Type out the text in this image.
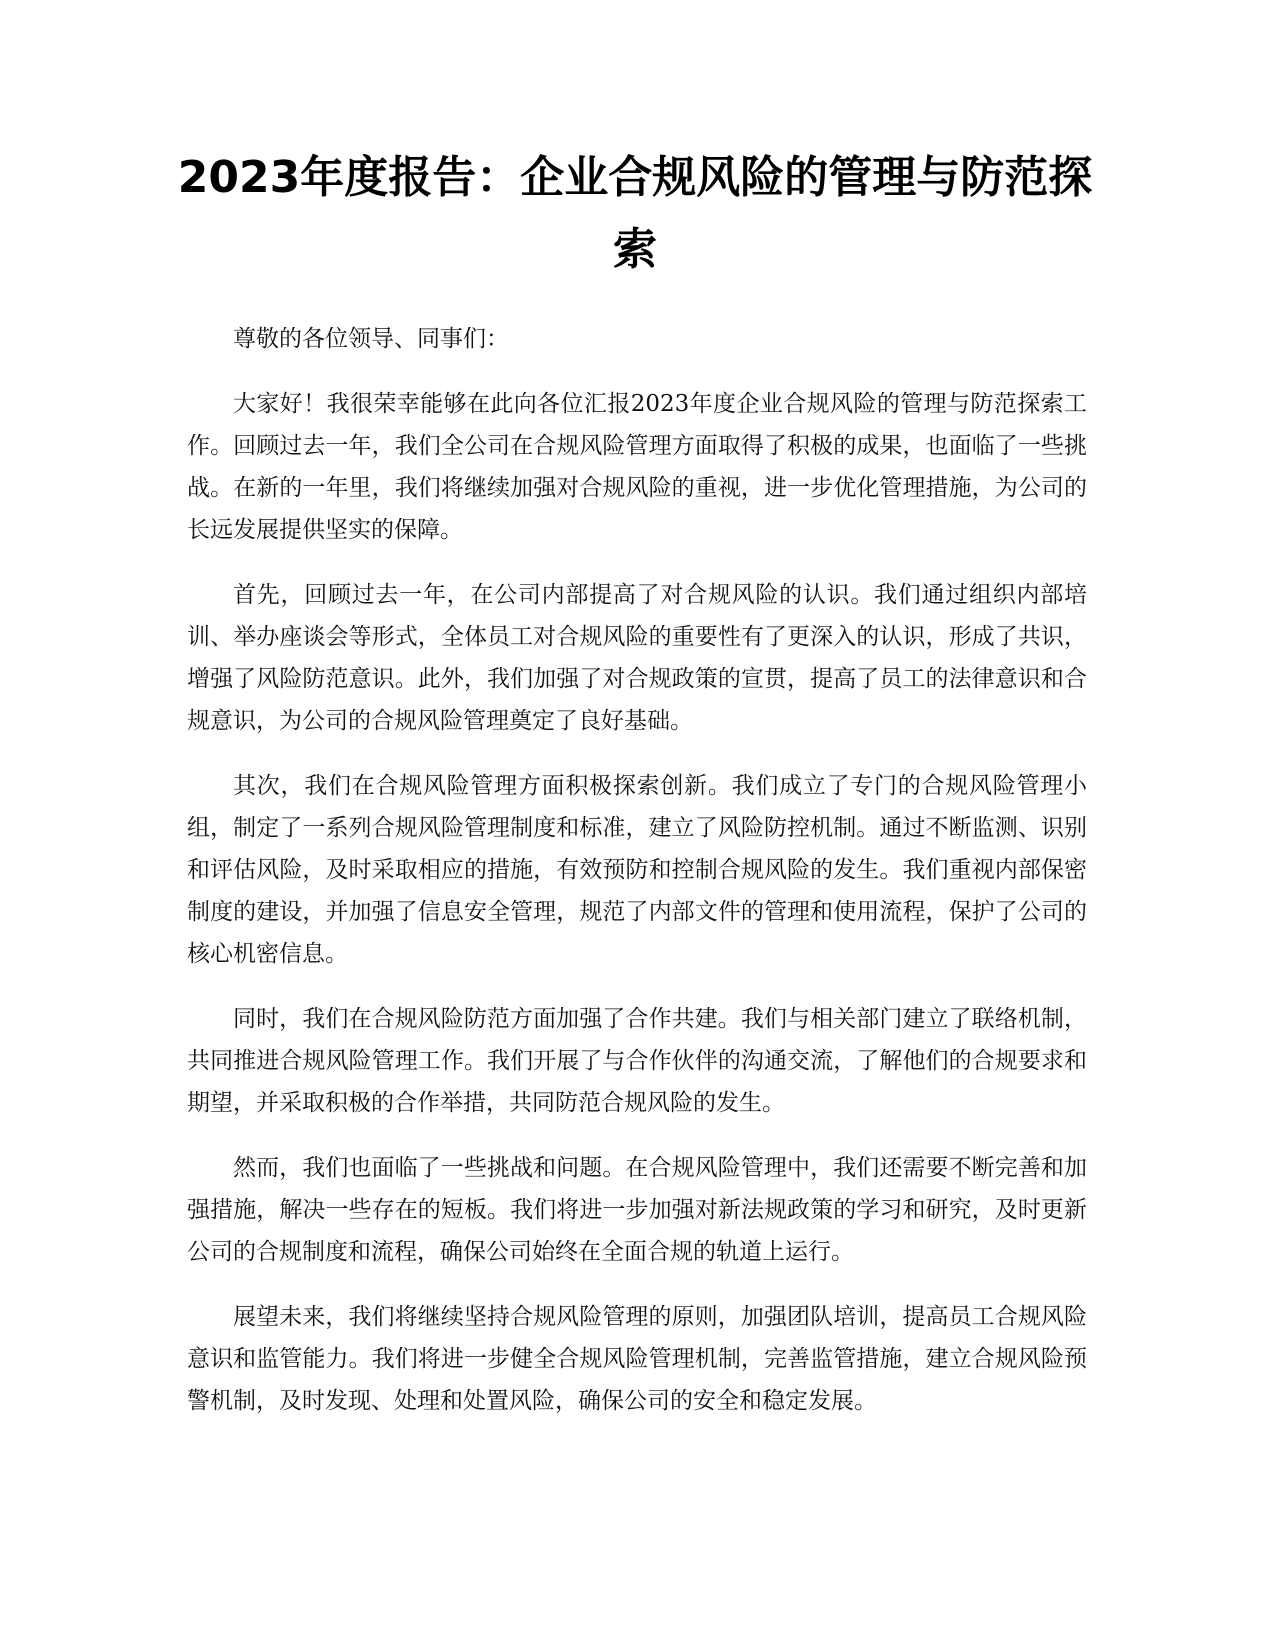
2023年度报告：企业合规风险的管理与防范探索

尊敬的各位领导、同事们：

大家好！我很荣幸能够在此向各位汇报2023年度企业合规风险的管理与防范探索工作。回顾过去一年，我们全公司在合规风险管理方面取得了积极的成果，也面临了一些挑战。在新的一年里，我们将继续加强对合规风险的重视，进一步优化管理措施，为公司的长远发展提供坚实的保障。

首先，回顾过去一年，在公司内部提高了对合规风险的认识。我们通过组织内部培训、举办座谈会等形式，全体员工对合规风险的重要性有了更深入的认识，形成了共识，增强了风险防范意识。此外，我们加强了对合规政策的宣贯，提高了员工的法律意识和合规意识，为公司的合规风险管理奠定了良好基础。

其次，我们在合规风险管理方面积极探索创新。我们成立了专门的合规风险管理小组，制定了一系列合规风险管理制度和标准，建立了风险防控机制。通过不断监测、识别和评估风险，及时采取相应的措施，有效预防和控制合规风险的发生。我们重视内部保密制度的建设，并加强了信息安全管理，规范了内部文件的管理和使用流程，保护了公司的核心机密信息。

同时，我们在合规风险防范方面加强了合作共建。我们与相关部门建立了联络机制，共同推进合规风险管理工作。我们开展了与合作伙伴的沟通交流，了解他们的合规要求和期望，并采取积极的合作举措，共同防范合规风险的发生。

然而，我们也面临了一些挑战和问题。在合规风险管理中，我们还需要不断完善和加强措施，解决一些存在的短板。我们将进一步加强对新法规政策的学习和研究，及时更新公司的合规制度和流程，确保公司始终在全面合规的轨道上运行。

展望未来，我们将继续坚持合规风险管理的原则，加强团队培训，提高员工合规风险意识和监管能力。我们将进一步健全合规风险管理机制，完善监管措施，建立合规风险预警机制，及时发现、处理和处置风险，确保公司的安全和稳定发展。
